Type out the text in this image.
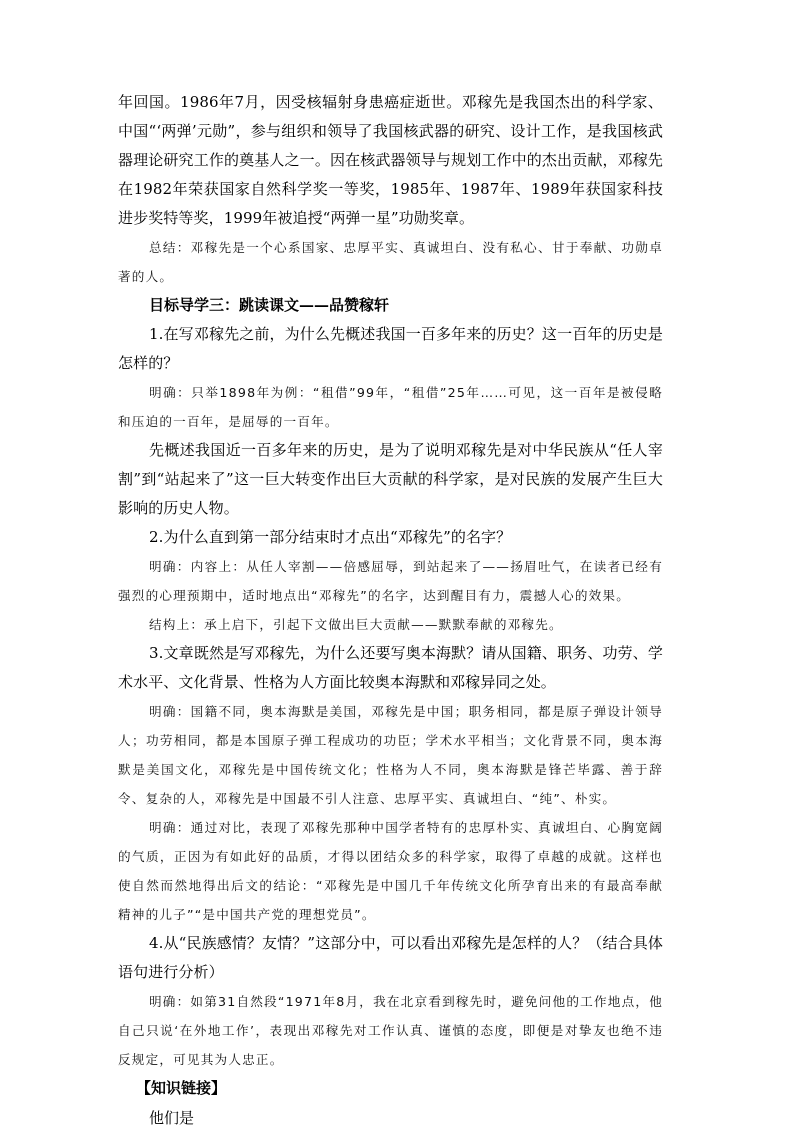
年回国。1986年7月，因受核辐射身患癌症逝世。邓稼先是我国杰出的科学家、中国“‘两弹’元勋”，参与组织和领导了我国核武器的研究、设计工作，是我国核武器理论研究工作的奠基人之一。因在核武器领导与规划工作中的杰出贡献，邓稼先在1982年荣获国家自然科学奖一等奖，1985年、1987年、1989年获国家科技进步奖特等奖，1999年被追授“两弹一星”功勋奖章。

总结：邓稼先是一个心系国家、忠厚平实、真诚坦白、没有私心、甘于奉献、功勋卓著的人。

目标导学三：跳读课文——品赞稼轩

1.在写邓稼先之前，为什么先概述我国一百多年来的历史？这一百年的历史是怎样的？

明确：只举1898年为例：“租借”99年，“租借”25年……可见，这一百年是被侵略和压迫的一百年，是屈辱的一百年。

先概述我国近一百多年来的历史，是为了说明邓稼先是对中华民族从“任人宰割”到“站起来了”这一巨大转变作出巨大贡献的科学家，是对民族的发展产生巨大影响的历史人物。

2.为什么直到第一部分结束时才点出“邓稼先”的名字？

明确：内容上：从任人宰割——倍感屈辱，到站起来了——扬眉吐气，在读者已经有强烈的心理预期中，适时地点出“邓稼先”的名字，达到醒目有力，震撼人心的效果。

结构上：承上启下，引起下文做出巨大贡献——默默奉献的邓稼先。

3.文章既然是写邓稼先，为什么还要写奥本海默？请从国籍、职务、功劳、学术水平、文化背景、性格为人方面比较奥本海默和邓稼异同之处。

明确：国籍不同，奥本海默是美国，邓稼先是中国；职务相同，都是原子弹设计领导人；功劳相同，都是本国原子弹工程成功的功臣；学术水平相当；文化背景不同，奥本海默是美国文化，邓稼先是中国传统文化；性格为人不同，奥本海默是锋芒毕露、善于辞令、复杂的人，邓稼先是中国最不引人注意、忠厚平实、真诚坦白、“纯”、朴实。

明确：通过对比，表现了邓稼先那种中国学者特有的忠厚朴实、真诚坦白、心胸宽阔的气质，正因为有如此好的品质，才得以团结众多的科学家，取得了卓越的成就。这样也使自然而然地得出后文的结论：“邓稼先是中国几千年传统文化所孕育出来的有最高奉献精神的儿子”“是中国共产党的理想党员”。

4.从“民族感情？友情？”这部分中，可以看出邓稼先是怎样的人？（结合具体语句进行分析）

明确：如第31自然段“1971年8月，我在北京看到稼先时，避免问他的工作地点，他自己只说‘在外地工作’，表现出邓稼先对工作认真、谨慎的态度，即便是对挚友也绝不违反规定，可见其为人忠正。

【知识链接】

他们是
